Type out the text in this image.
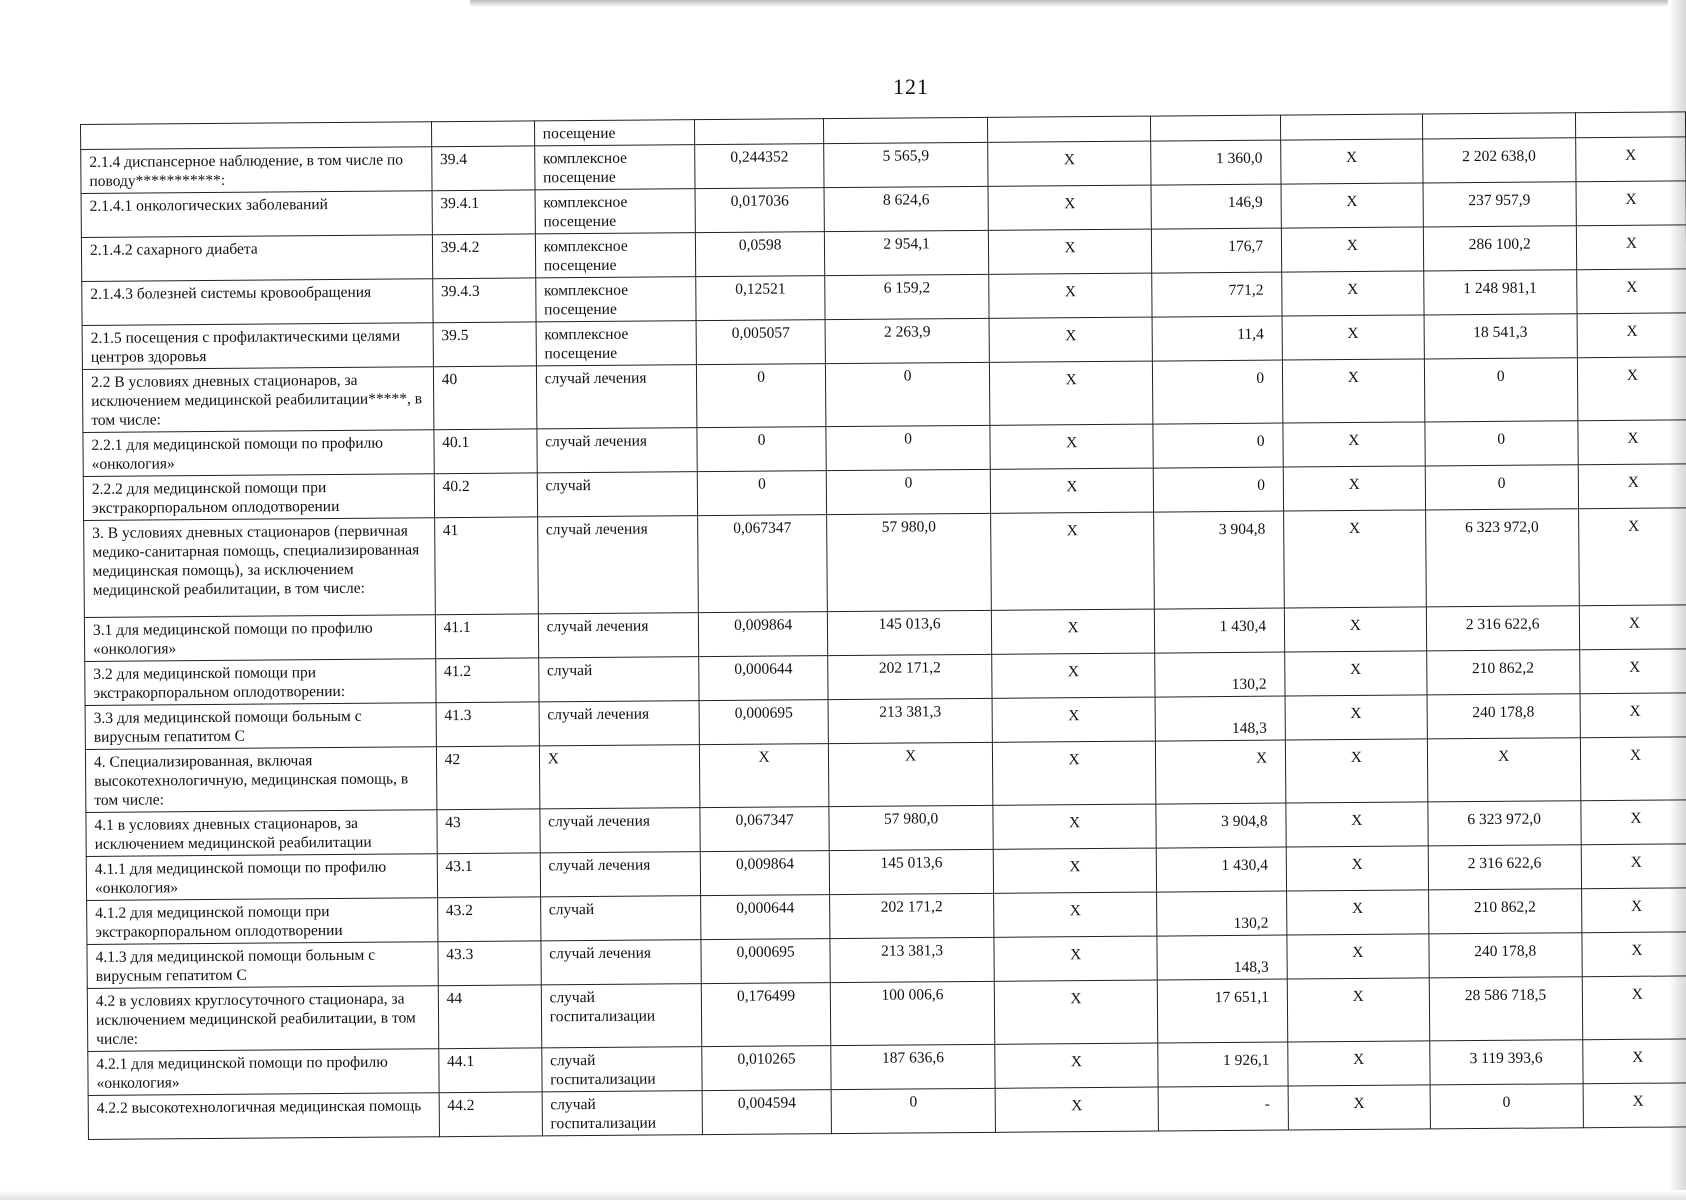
121
		посещение							
2.1.4 диспансерное наблюдение, в том числе по поводу***********:	39.4	комплексное посещение	0,244352	5 565,9	X	1 360,0	X	2 202 638,0	X
2.1.4.1 онкологических заболеваний	39.4.1	комплексное посещение	0,017036	8 624,6	X	146,9	X	237 957,9	X
2.1.4.2 сахарного диабета	39.4.2	комплексное посещение	0,0598	2 954,1	X	176,7	X	286 100,2	X
2.1.4.3 болезней системы кровообращения	39.4.3	комплексное посещение	0,12521	6 159,2	X	771,2	X	1 248 981,1	X
2.1.5 посещения с профилактическими целями центров здоровья	39.5	комплексное посещение	0,005057	2 263,9	X	11,4	X	18 541,3	X
2.2 В условиях дневных стационаров, за исключением медицинской реабилитации*****, в том числе:	40	случай лечения	0	0	X	0	X	0	X
2.2.1 для медицинской помощи по профилю «онкология»	40.1	случай лечения	0	0	X	0	X	0	X
2.2.2 для медицинской помощи при экстракорпоральном оплодотворении	40.2	случай	0	0	X	0	X	0	X
3. В условиях дневных стационаров (первичная медико-санитарная помощь, специализированная медицинская помощь), за исключением медицинской реабилитации, в том числе:	41	случай лечения	0,067347	57 980,0	X	3 904,8	X	6 323 972,0	X
3.1 для медицинской помощи по профилю «онкология»	41.1	случай лечения	0,009864	145 013,6	X	1 430,4	X	2 316 622,6	X
3.2 для медицинской помощи при экстракорпоральном оплодотворении:	41.2	случай	0,000644	202 171,2	X	130,2	X	210 862,2	X
3.3 для медицинской помощи больным с вирусным гепатитом С	41.3	случай лечения	0,000695	213 381,3	X	148,3	X	240 178,8	X
4. Специализированная, включая высокотехнологичную, медицинская помощь, в том числе:	42	X	X	X	X	X	X	X	X
4.1 в условиях дневных стационаров, за исключением медицинской реабилитации	43	случай лечения	0,067347	57 980,0	X	3 904,8	X	6 323 972,0	X
4.1.1 для медицинской помощи по профилю «онкология»	43.1	случай лечения	0,009864	145 013,6	X	1 430,4	X	2 316 622,6	X
4.1.2 для медицинской помощи при экстракорпоральном оплодотворении	43.2	случай	0,000644	202 171,2	X	130,2	X	210 862,2	X
4.1.3 для медицинской помощи больным с вирусным гепатитом С	43.3	случай лечения	0,000695	213 381,3	X	148,3	X	240 178,8	X
4.2 в условиях круглосуточного стационара, за исключением медицинской реабилитации, в том числе:	44	случай госпитализации	0,176499	100 006,6	X	17 651,1	X	28 586 718,5	X
4.2.1 для медицинской помощи по профилю «онкология»	44.1	случай госпитализации	0,010265	187 636,6	X	1 926,1	X	3 119 393,6	X
4.2.2 высокотехнологичная медицинская помощь	44.2	случай госпитализации	0,004594	0	X	-	X	0	X
